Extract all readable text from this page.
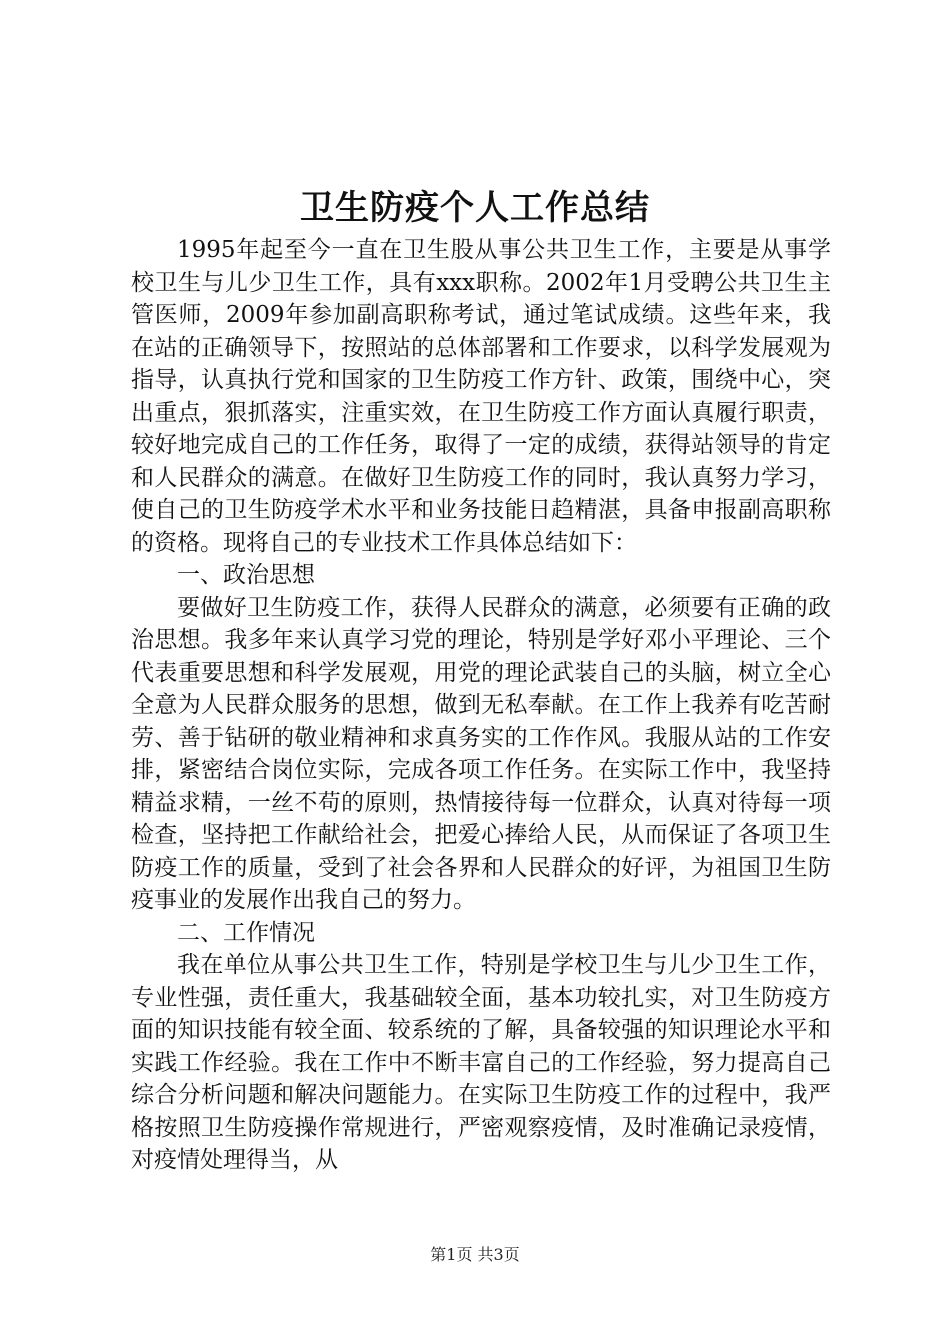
卫生防疫个人工作总结

1995年起至今一直在卫生股从事公共卫生工作，主要是从事学校卫生与儿少卫生工作，具有xxx职称。2002年1月受聘公共卫生主管医师，2009年参加副高职称考试，通过笔试成绩。这些年来，我在站的正确领导下，按照站的总体部署和工作要求，以科学发展观为指导，认真执行党和国家的卫生防疫工作方针、政策，围绕中心，突出重点，狠抓落实，注重实效，在卫生防疫工作方面认真履行职责，较好地完成自己的工作任务，取得了一定的成绩，获得站领导的肯定和人民群众的满意。在做好卫生防疫工作的同时，我认真努力学习，使自己的卫生防疫学术水平和业务技能日趋精湛，具备申报副高职称的资格。现将自己的专业技术工作具体总结如下：

一、政治思想

要做好卫生防疫工作，获得人民群众的满意，必须要有正确的政治思想。我多年来认真学习党的理论，特别是学好邓小平理论、三个代表重要思想和科学发展观，用党的理论武装自己的头脑，树立全心全意为人民群众服务的思想，做到无私奉献。在工作上我养有吃苦耐劳、善于钻研的敬业精神和求真务实的工作作风。我服从站的工作安排，紧密结合岗位实际，完成各项工作任务。在实际工作中，我坚持精益求精，一丝不苟的原则，热情接待每一位群众，认真对待每一项检查，坚持把工作献给社会，把爱心捧给人民，从而保证了各项卫生防疫工作的质量，受到了社会各界和人民群众的好评，为祖国卫生防疫事业的发展作出我自己的努力。

二、工作情况

我在单位从事公共卫生工作，特别是学校卫生与儿少卫生工作，专业性强，责任重大，我基础较全面，基本功较扎实，对卫生防疫方面的知识技能有较全面、较系统的了解，具备较强的知识理论水平和实践工作经验。我在工作中不断丰富自己的工作经验，努力提高自己综合分析问题和解决问题能力。在实际卫生防疫工作的过程中，我严格按照卫生防疫操作常规进行，严密观察疫情，及时准确记录疫情，对疫情处理得当，从

第1页 共3页
